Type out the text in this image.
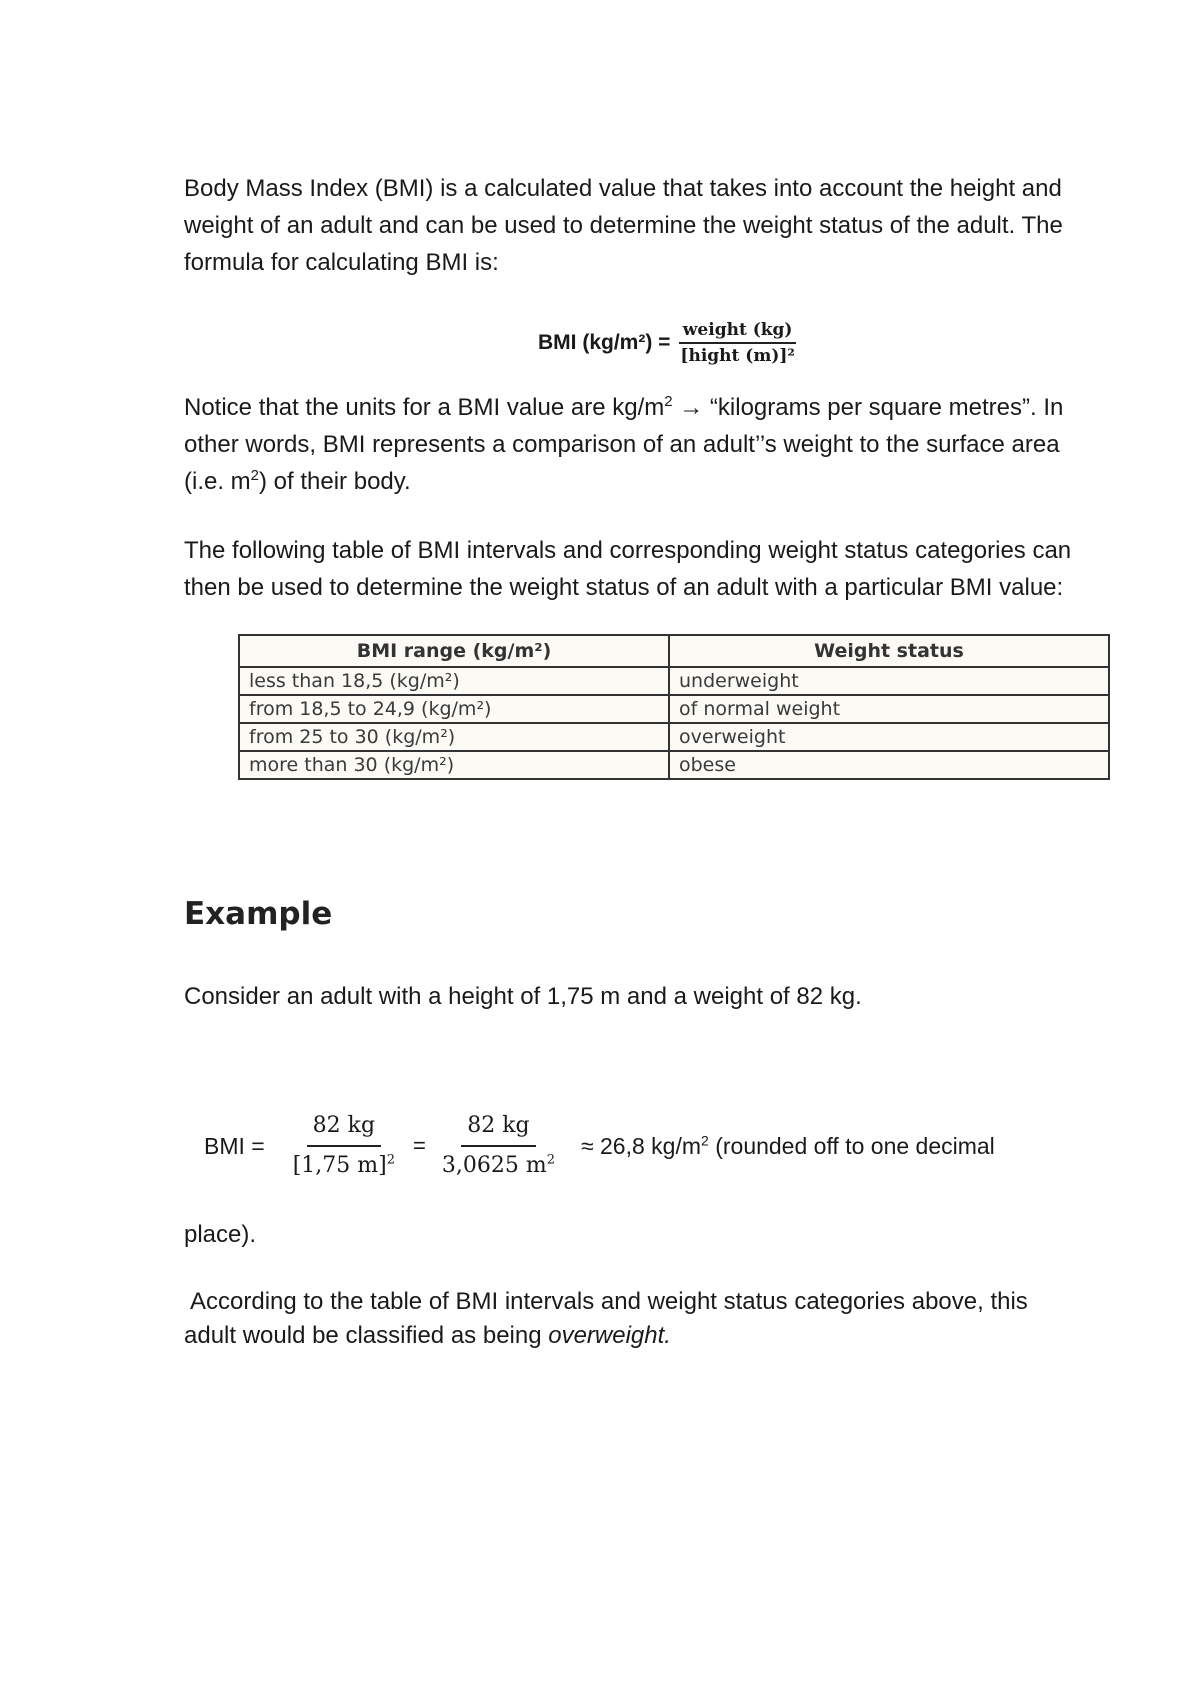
Body Mass Index (BMI) is a calculated value that takes into account the height and
weight of an adult and can be used to determine the weight status of the adult. The
formula for calculating BMI is:
BMI $(kg/m^2) = \frac{\text{weight (kg)}}{\text{[hight (m)]²}}$
Notice that the units for a BMI value are $kg/m^2$ → “kilograms per square metres”. In
other words, BMI represents a comparison of an adult’’s weight to the surface area
(i.e. $m^2$) of their body.
The following table of BMI intervals and corresponding weight status categories can
then be used to determine the weight status of an adult with a particular BMI value:
BMI range (kg/m²)	Weight status
less than 18,5 (kg/m²)	underweight
from 18,5 to 24,9 (kg/m²)	of normal weight
from 25 to 30 (kg/m²)	overweight
more than 30 (kg/m²)	obese
Example
Consider an adult with a height of 1,75 m and a weight of 82 kg.
BMI = $\frac{82 kg}{[1,75 m]^2} = \frac{82 kg}{3,0625 m^2} \approx 26,8$ $kg/m^2$ (rounded off to one decimal
place).
According to the table of BMI intervals and weight status categories above, this
adult would be classified as being overweight.
